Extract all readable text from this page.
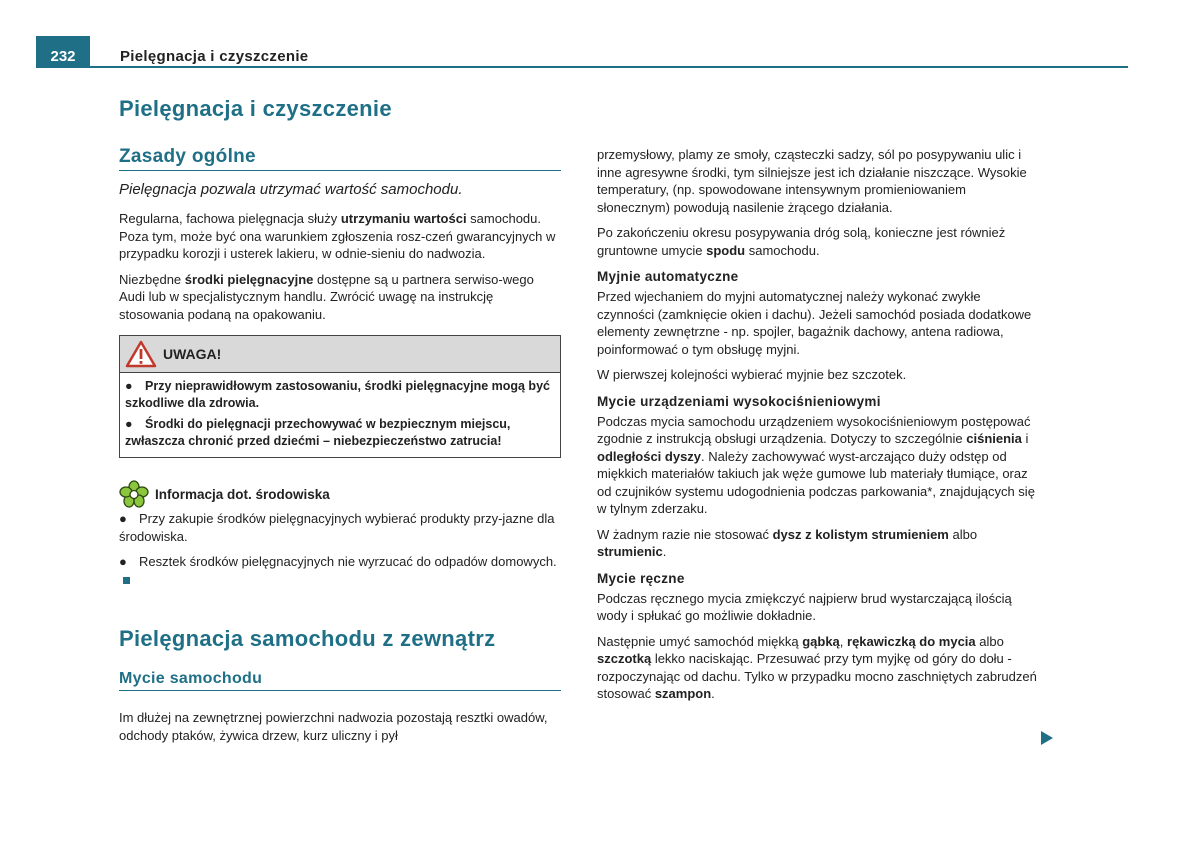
232	Pielęgnacja i czyszczenie
Pielęgnacja i czyszczenie
Zasady ogólne
Pielęgnacja pozwala utrzymać wartość samochodu.

Regularna, fachowa pielęgnacja służy utrzymaniu wartości samochodu. Poza tym, może być ona warunkiem zgłoszenia rosz-czeń gwarancyjnych w przypadku korozji i usterek lakieru, w odnie-sieniu do nadwozia.

Niezbędne środki pielęgnacyjne dostępne są u partnera serwiso-wego Audi lub w specjalistycznym handlu. Zwrócić uwagę na instrukcję stosowania podaną na opakowaniu.

UWAGA!

● Przy nieprawidłowym zastosowaniu, środki pielęgnacyjne mogą być szkodliwe dla zdrowia.

● Środki do pielęgnacji przechowywać w bezpiecznym miejscu, zwłaszcza chronić przed dziećmi – niebezpieczeństwo zatrucia!

Informacja dot. środowiska

● Przy zakupie środków pielęgnacyjnych wybierać produkty przy-jazne dla środowiska.

● Resztek środków pielęgnacyjnych nie wyrzucać do odpadów domowych.

Pielęgnacja samochodu z zewnątrz
Mycie samochodu

Im dłużej na zewnętrznej powierzchni nadwozia pozostają resztki owadów, odchody ptaków, żywica drzew, kurz uliczny i pył

przemysłowy, plamy ze smoły, cząsteczki sadzy, sól po posypywaniu ulic i inne agresywne środki, tym silniejsze jest ich działanie niszczące. Wysokie temperatury, (np. spowodowane intensywnym promieniowaniem słonecznym) powodują nasilenie żrącego działania.

Po zakończeniu okresu posypywania dróg solą, konieczne jest również gruntowne umycie spodu samochodu.

Myjnie automatyczne

Przed wjechaniem do myjni automatycznej należy wykonać zwykłe czynności (zamknięcie okien i dachu). Jeżeli samochód posiada dodatkowe elementy zewnętrzne - np. spojler, bagażnik dachowy, antena radiowa, poinformować o tym obsługę myjni.

W pierwszej kolejności wybierać myjnie bez szczotek.

Mycie urządzeniami wysokociśnieniowymi

Podczas mycia samochodu urządzeniem wysokociśnieniowym postępować zgodnie z instrukcją obsługi urządzenia. Dotyczy to szczególnie ciśnienia i odległości dyszy. Należy zachowywać wyst-arczająco duży odstęp od miękkich materiałów takiuch jak węże gumowe lub materiały tłumiące, oraz od czujników systemu udogodnienia podczas parkowania*, znajdujących się w tylnym zderzaku.

W żadnym razie nie stosować dysz z kolistym strumieniem albo strumienic.

Mycie ręczne

Podczas ręcznego mycia zmiękczyć najpierw brud wystarczającą ilością wody i spłukać go możliwie dokładnie.

Następnie umyć samochód miękką gąbką, rękawiczką do mycia albo szczotką lekko naciskając. Przesuwać przy tym myjkę od góry do dołu - rozpoczynając od dachu. Tylko w przypadku mocno zaschniętych zabrudzeń stosować szampon.
